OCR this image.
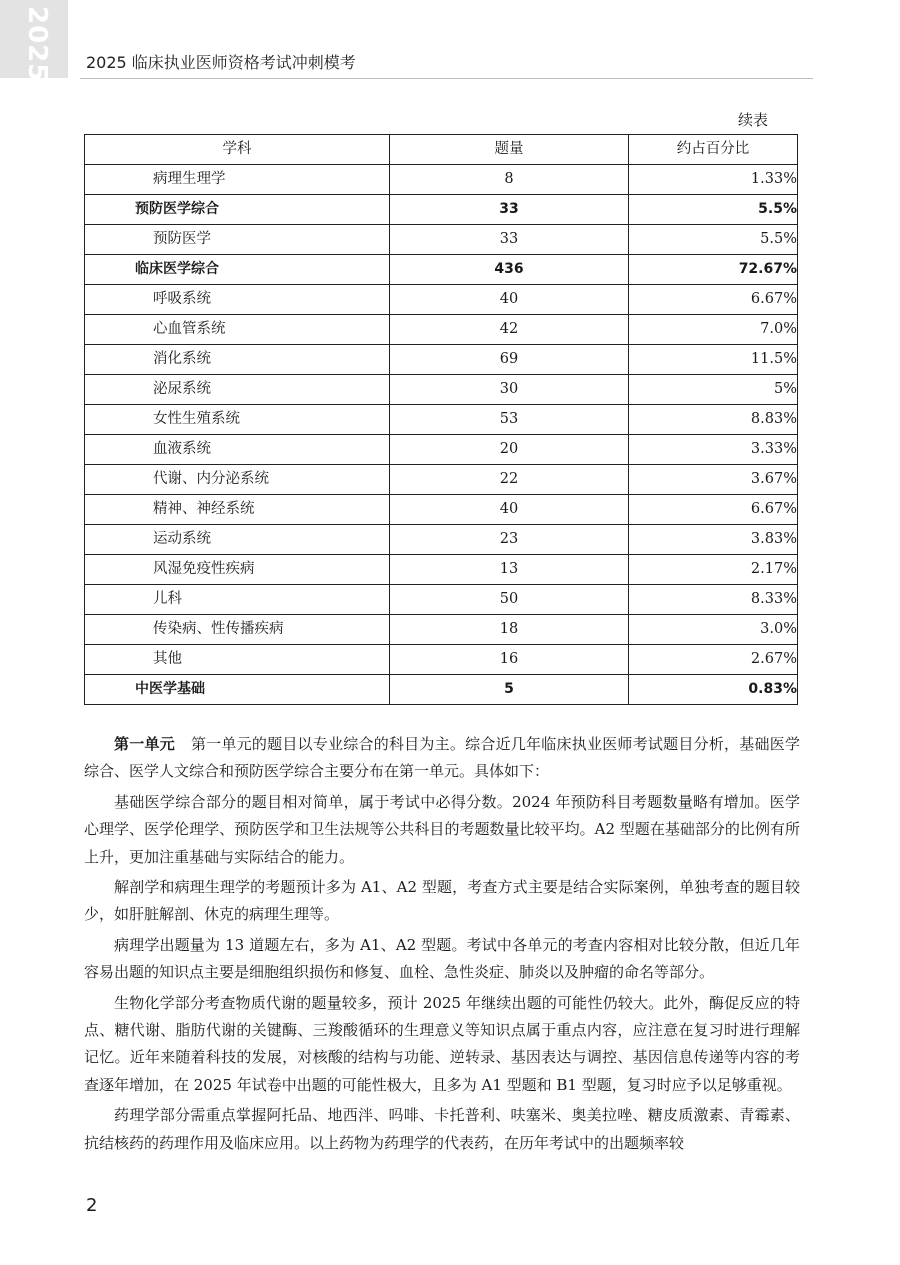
2025 2025 临床执业医师资格考试冲刺模考
续表
学科	题量	约占百分比
病理生理学	8	1.33%
预防医学综合	33	5.5%
预防医学	33	5.5%
临床医学综合	436	72.67%
呼吸系统	40	6.67%
心血管系统	42	7.0%
消化系统	69	11.5%
泌尿系统	30	5%
女性生殖系统	53	8.83%
血液系统	20	3.33%
代谢、内分泌系统	22	3.67%
精神、神经系统	40	6.67%
运动系统	23	3.83%
风湿免疫性疾病	13	2.17%
儿科	50	8.33%
传染病、性传播疾病	18	3.0%
其他	16	2.67%
中医学基础	5	0.83%

第一单元 第一单元的题目以专业综合的科目为主。综合近几年临床执业医师考试题目分析，基础医学综合、医学人文综合和预防医学综合主要分布在第一单元。具体如下：

基础医学综合部分的题目相对简单，属于考试中必得分数。2024 年预防科目考题数量略有增加。医学心理学、医学伦理学、预防医学和卫生法规等公共科目的考题数量比较平均。A2 型题在基础部分的比例有所上升，更加注重基础与实际结合的能力。

解剖学和病理生理学的考题预计多为 A1、A2 型题，考查方式主要是结合实际案例，单独考查的题目较少，如肝脏解剖、休克的病理生理等。

病理学出题量为 13 道题左右，多为 A1、A2 型题。考试中各单元的考查内容相对比较分散，但近几年容易出题的知识点主要是细胞组织损伤和修复、血栓、急性炎症、肺炎以及肿瘤的命名等部分。

生物化学部分考查物质代谢的题量较多，预计 2025 年继续出题的可能性仍较大。此外，酶促反应的特点、糖代谢、脂肪代谢的关键酶、三羧酸循环的生理意义等知识点属于重点内容，应注意在复习时进行理解记忆。近年来随着科技的发展，对核酸的结构与功能、逆转录、基因表达与调控、基因信息传递等内容的考查逐年增加，在 2025 年试卷中出题的可能性极大，且多为 A1 型题和 B1 型题，复习时应予以足够重视。

药理学部分需重点掌握阿托品、地西泮、吗啡、卡托普利、呋塞米、奥美拉唑、糖皮质激素、青霉素、抗结核药的药理作用及临床应用。以上药物为药理学的代表药，在历年考试中的出题频率较

2
